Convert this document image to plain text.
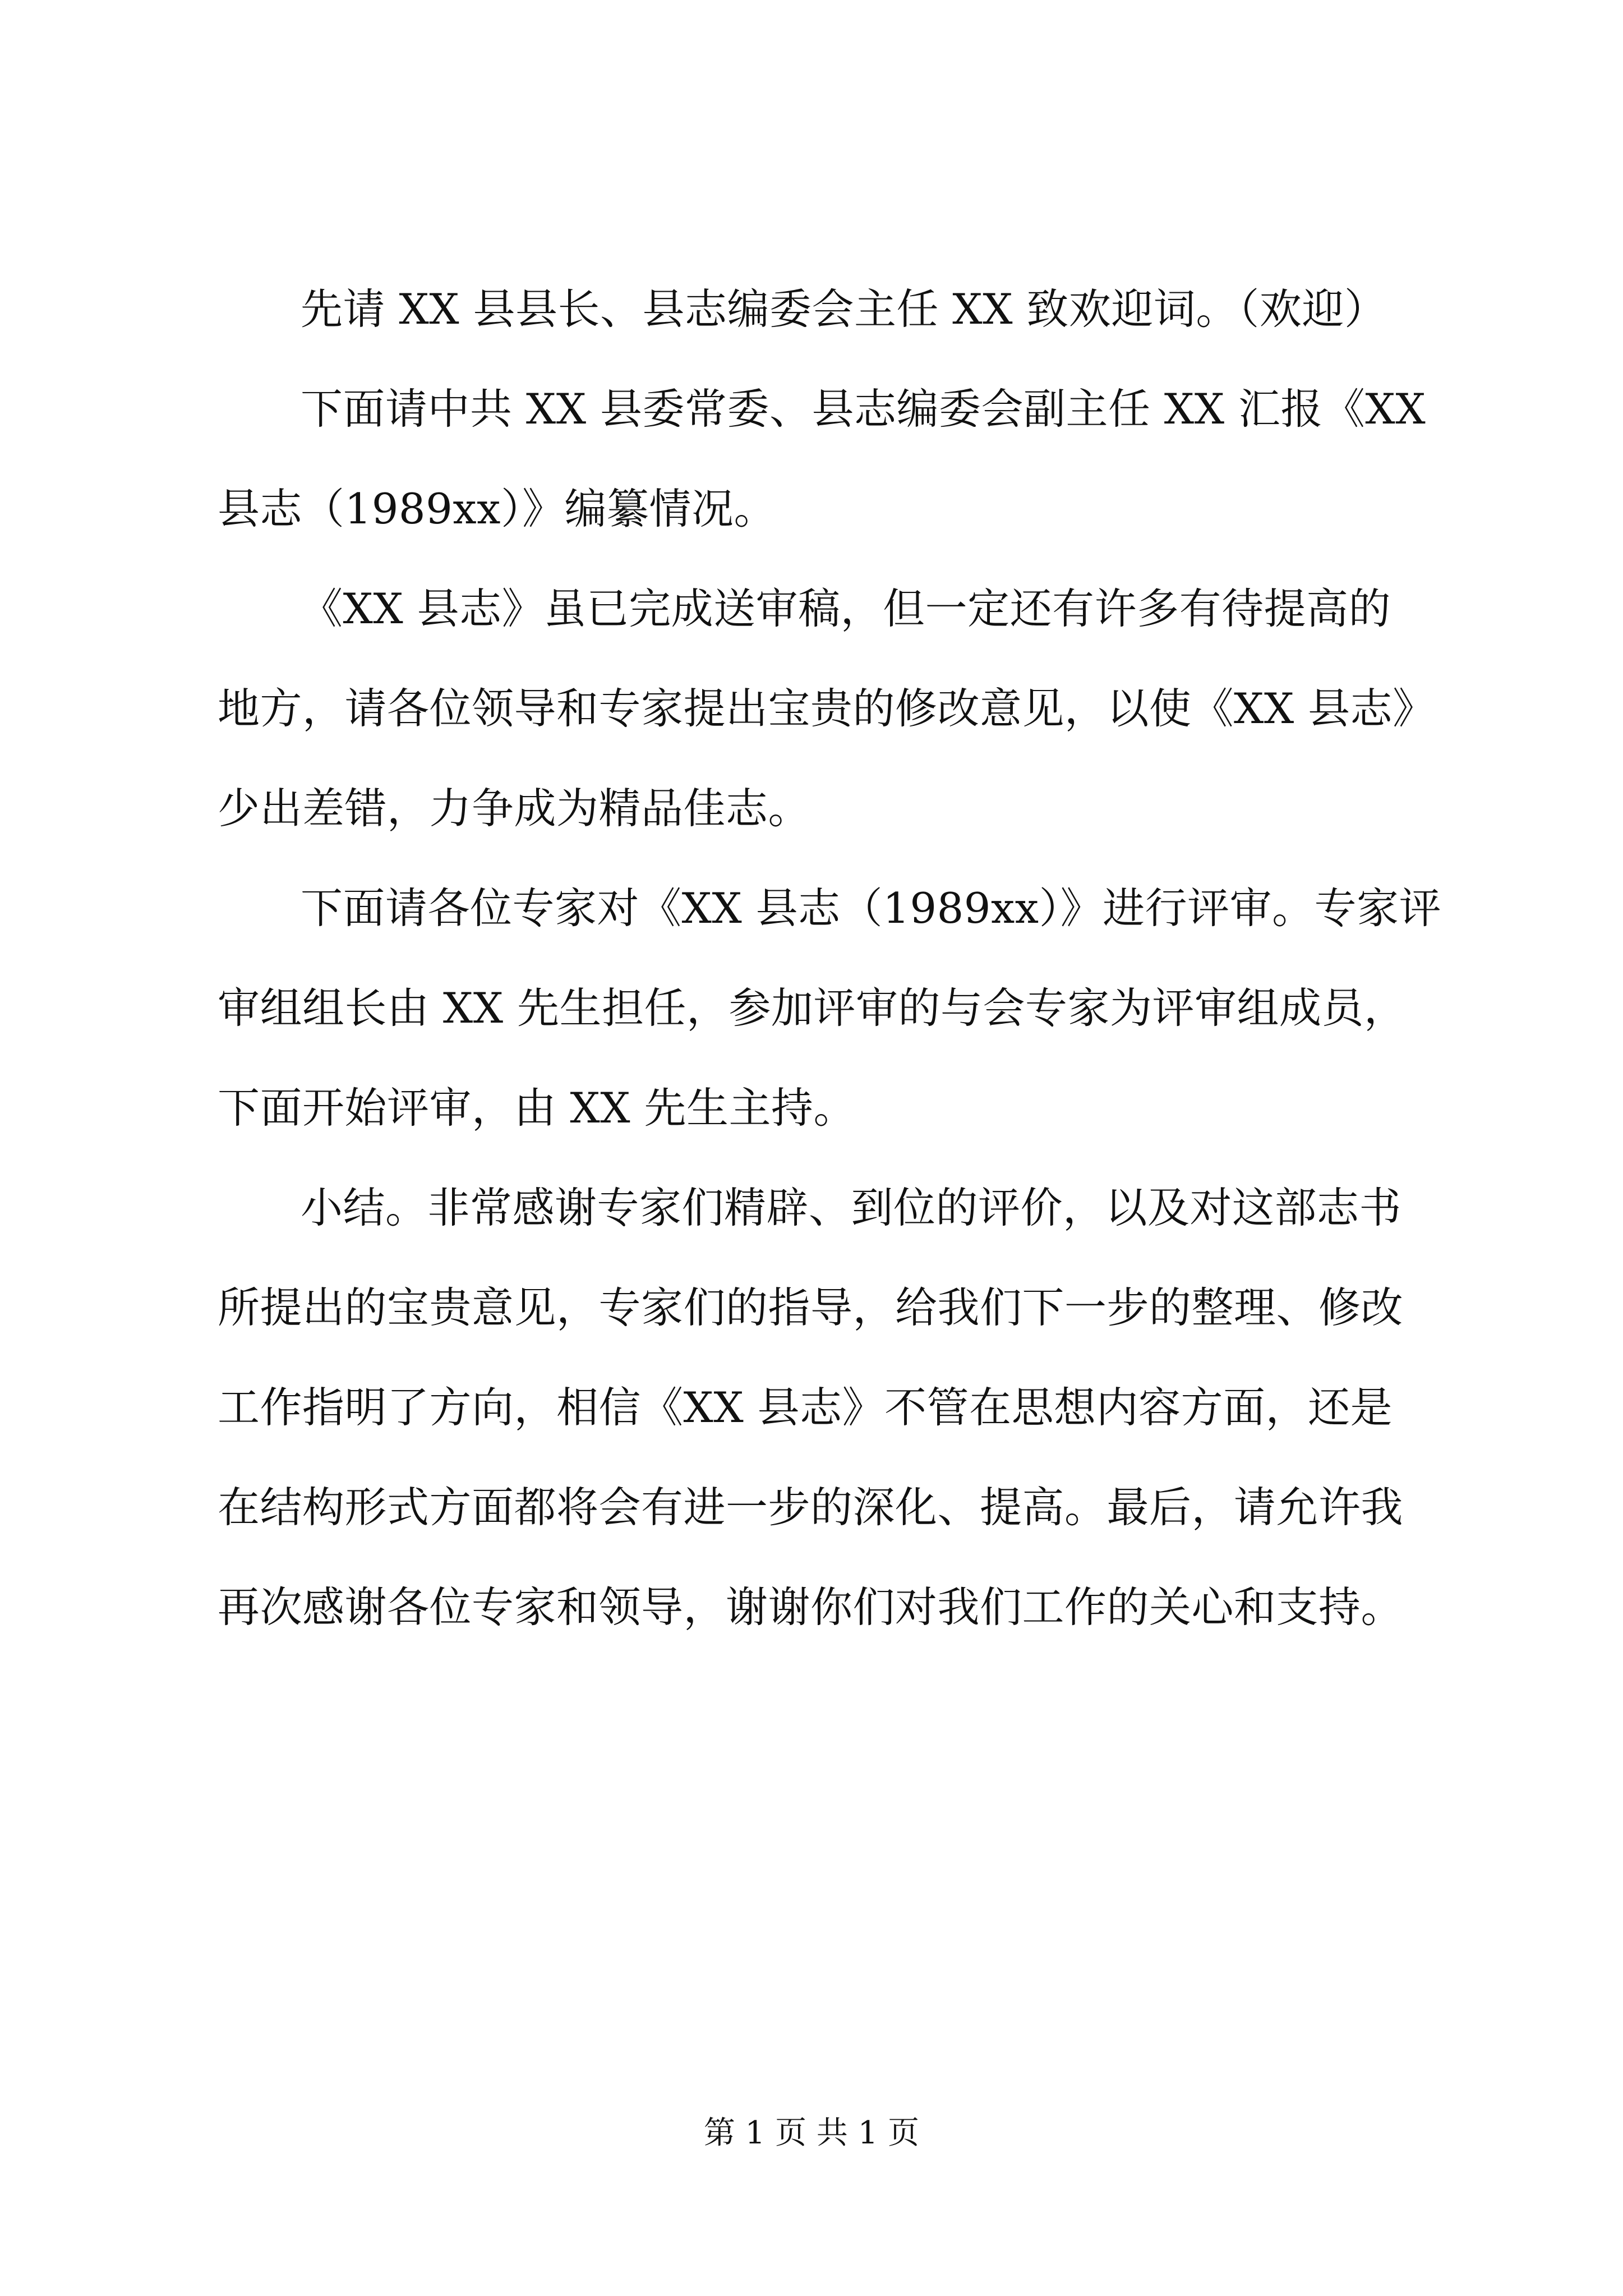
先请 XX 县县长、县志编委会主任 XX 致欢迎词。（欢迎）
下面请中共 XX 县委常委、县志编委会副主任 XX 汇报《XX
县志（1989xx）》编纂情况。
《XX 县志》虽已完成送审稿，但一定还有许多有待提高的
地方，请各位领导和专家提出宝贵的修改意见，以使《XX 县志》
少出差错，力争成为精品佳志。
下面请各位专家对《XX 县志（1989xx）》进行评审。专家评
审组组长由 XX 先生担任，参加评审的与会专家为评审组成员，
下面开始评审，由 XX 先生主持。
小结。非常感谢专家们精辟、到位的评价，以及对这部志书
所提出的宝贵意见，专家们的指导，给我们下一步的整理、修改
工作指明了方向，相信《XX 县志》不管在思想内容方面，还是
在结构形式方面都将会有进一步的深化、提高。最后，请允许我
再次感谢各位专家和领导，谢谢你们对我们工作的关心和支持。
第 1 页 共 1 页
